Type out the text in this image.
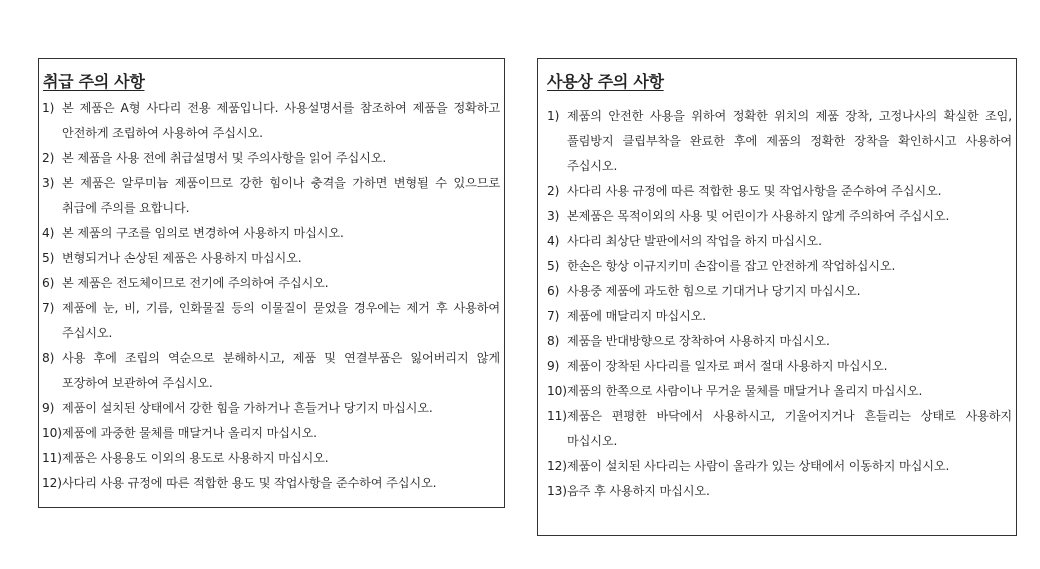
취급 주의 사항
1) 본 제품은 A형 사다리 전용 제품입니다. 사용설명서를 참조하여 제품을 정확하고 안전하게 조립하여 사용하여 주십시오.
2) 본 제품을 사용 전에 취급설명서 및 주의사항을 읽어 주십시오.
3) 본 제품은 알루미늄 제품이므로 강한 힘이나 충격을 가하면 변형될 수 있으므로 취급에 주의를 요합니다.
4) 본 제품의 구조를 임의로 변경하여 사용하지 마십시오.
5) 변형되거나 손상된 제품은 사용하지 마십시오.
6) 본 제품은 전도체이므로 전기에 주의하여 주십시오.
7) 제품에 눈, 비, 기름, 인화물질 등의 이물질이 묻었을 경우에는 제거 후 사용하여 주십시오.
8) 사용 후에 조립의 역순으로 분해하시고, 제품 및 연결부품은 잃어버리지 않게 포장하여 보관하여 주십시오.
9) 제품이 설치된 상태에서 강한 힘을 가하거나 흔들거나 당기지 마십시오.
10) 제품에 과중한 물체를 매달거나 올리지 마십시오.
11) 제품은 사용용도 이외의 용도로 사용하지 마십시오.
12) 사다리 사용 규정에 따른 적합한 용도 및 작업사항을 준수하여 주십시오.
사용상 주의 사항
1) 제품의 안전한 사용을 위하여 정확한 위치의 제품 장착, 고정나사의 확실한 조임, 풀림방지 클립부착을 완료한 후에 제품의 정확한 장착을 확인하시고 사용하여 주십시오.
2) 사다리 사용 규정에 따른 적합한 용도 및 작업사항을 준수하여 주십시오.
3) 본제품은 목적이외의 사용 및 어린이가 사용하지 않게 주의하여 주십시오.
4) 사다리 최상단 발판에서의 작업을 하지 마십시오.
5) 한손은 항상 이규지키미 손잡이를 잡고 안전하게 작업하십시오.
6) 사용중 제품에 과도한 힘으로 기대거나 당기지 마십시오.
7) 제품에 매달리지 마십시오.
8) 제품을 반대방향으로 장착하여 사용하지 마십시오.
9) 제품이 장착된 사다리를 일자로 펴서 절대 사용하지 마십시오.
10) 제품의 한쪽으로 사람이나 무거운 물체를 매달거나 올리지 마십시오.
11) 제품은 편평한 바닥에서 사용하시고, 기울어지거나 흔들리는 상태로 사용하지 마십시오.
12) 제품이 설치된 사다리는 사람이 올라가 있는 상태에서 이동하지 마십시오.
13) 음주 후 사용하지 마십시오.
